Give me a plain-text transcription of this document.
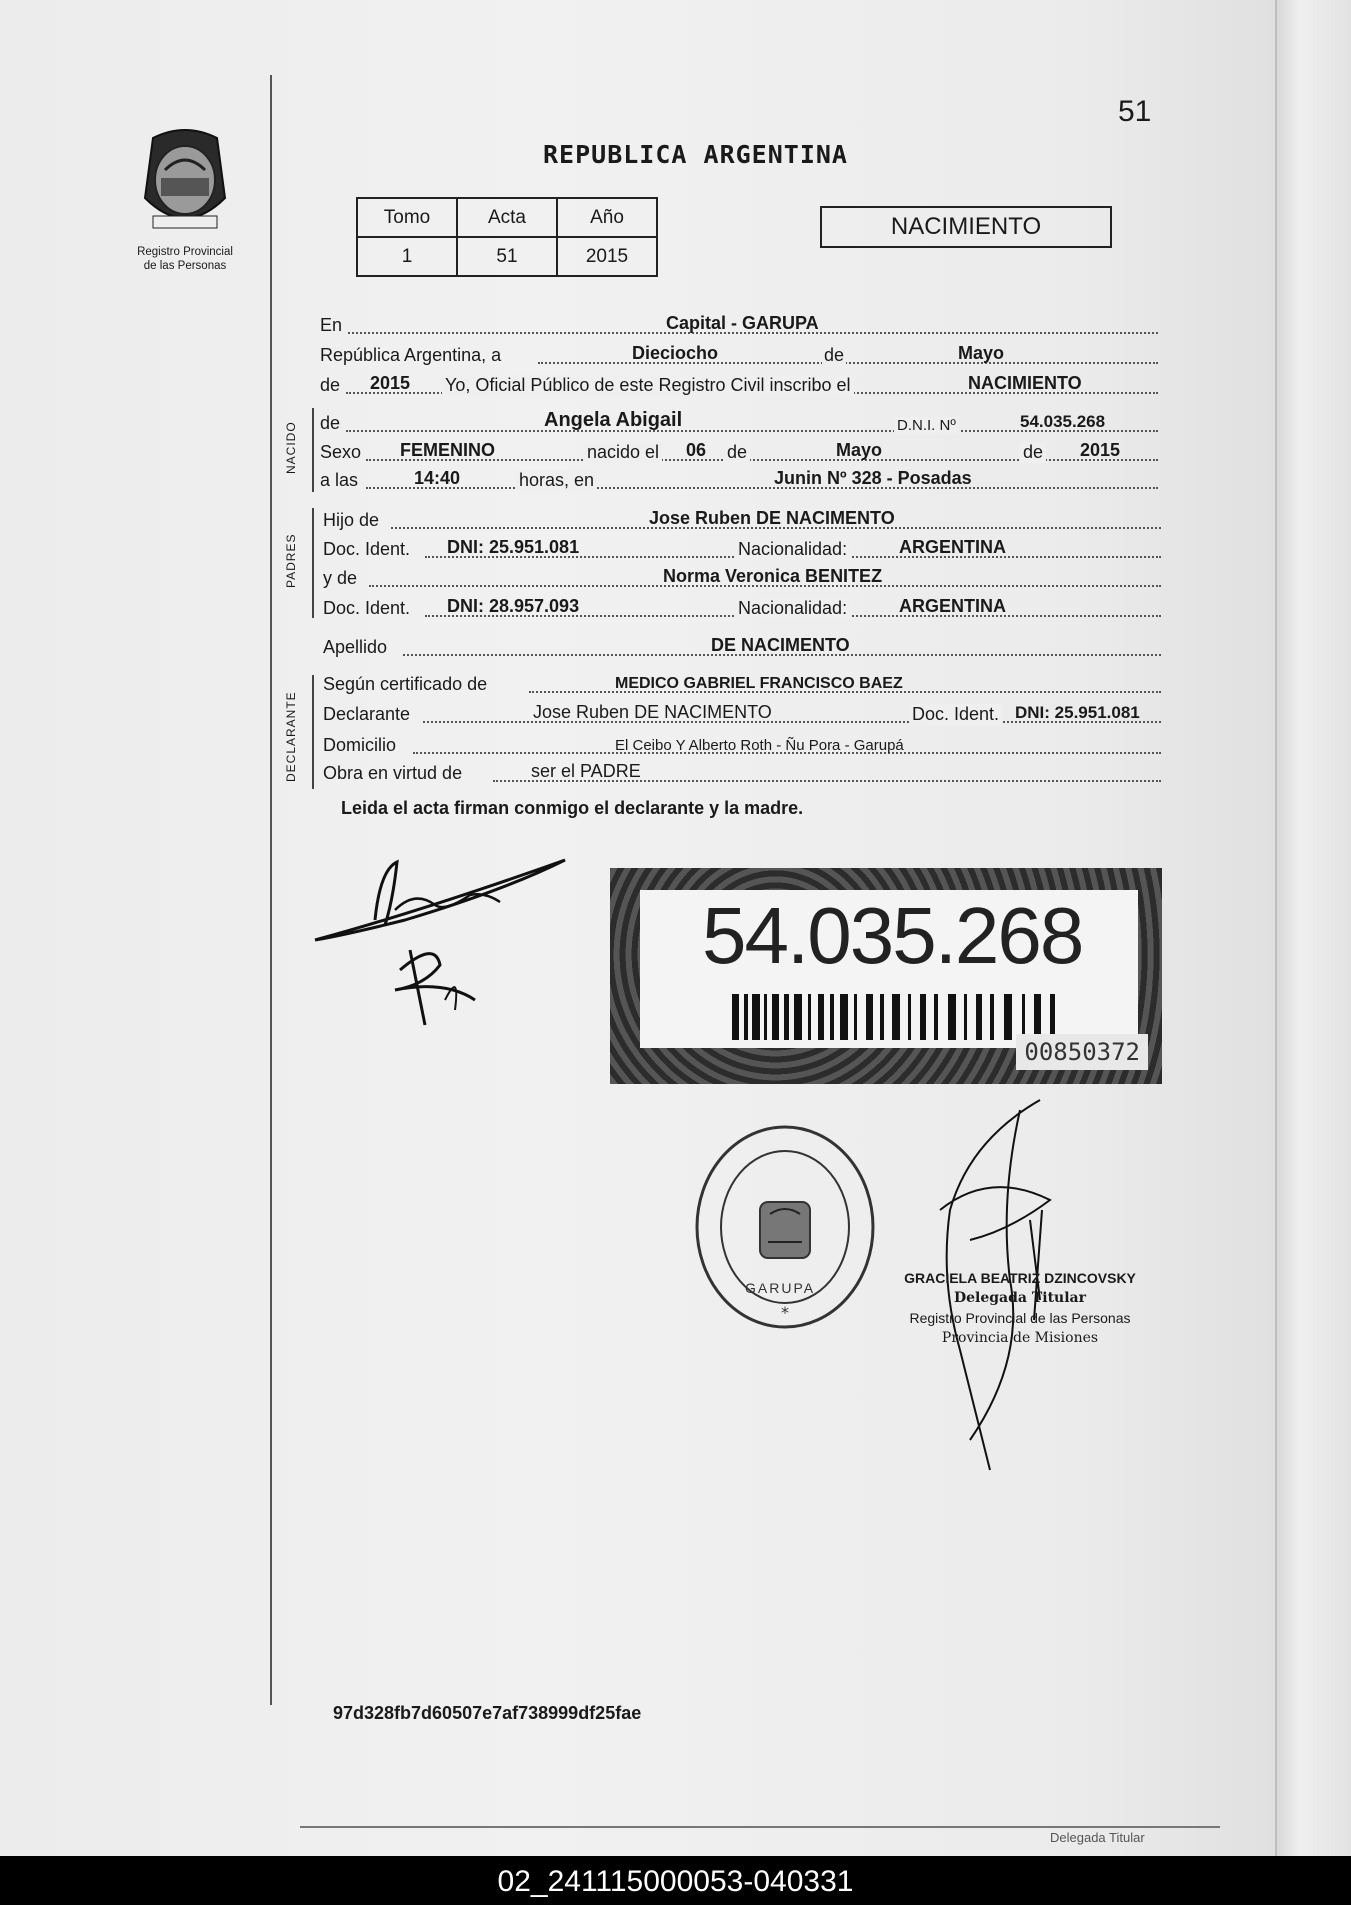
51
Registro Provincial
de las Personas
REPUBLICA ARGENTINA
Tomo	Acta	Año
1	51	2015
NACIMIENTO
NACIDO
PADRES
DECLARANTE
En	Capital - GARUPA
República Argentina, a	Dieciocho	de	Mayo
de 2015 Yo, Oficial Público de este Registro Civil inscribo el	NACIMIENTO
de	Angela Abigail	D.N.I. Nº	54.035.268
Sexo FEMENINO	nacido el 06 de	Mayo	de 2015
a las	14:40	horas, en	Junin Nº 328 - Posadas
Hijo de	Jose Ruben DE NACIMENTO
Doc. Ident. DNI: 25.951.081	Nacionalidad:	ARGENTINA
y de	Norma Veronica BENITEZ
Doc. Ident. DNI: 28.957.093	Nacionalidad:	ARGENTINA
Apellido	DE NACIMENTO
Según certificado de	MEDICO GABRIEL FRANCISCO BAEZ
Declarante	Jose Ruben DE NACIMENTO	Doc. Ident. DNI: 25.951.081
Domicilio	El Ceibo Y Alberto Roth - Ñu Pora - Garupá
Obra en virtud de	ser el PADRE
Leida el acta firman conmigo el declarante y la madre.
54.035.268
00850372
*
GARUPA
GRACIELA BEATRIZ DZINCOVSKY
Delegada Titular
Registro Provincial de las Personas
Provincia de Misiones
97d328fb7d60507e7af738999df25fae
Delegada Titular
02_241115000053-040331
